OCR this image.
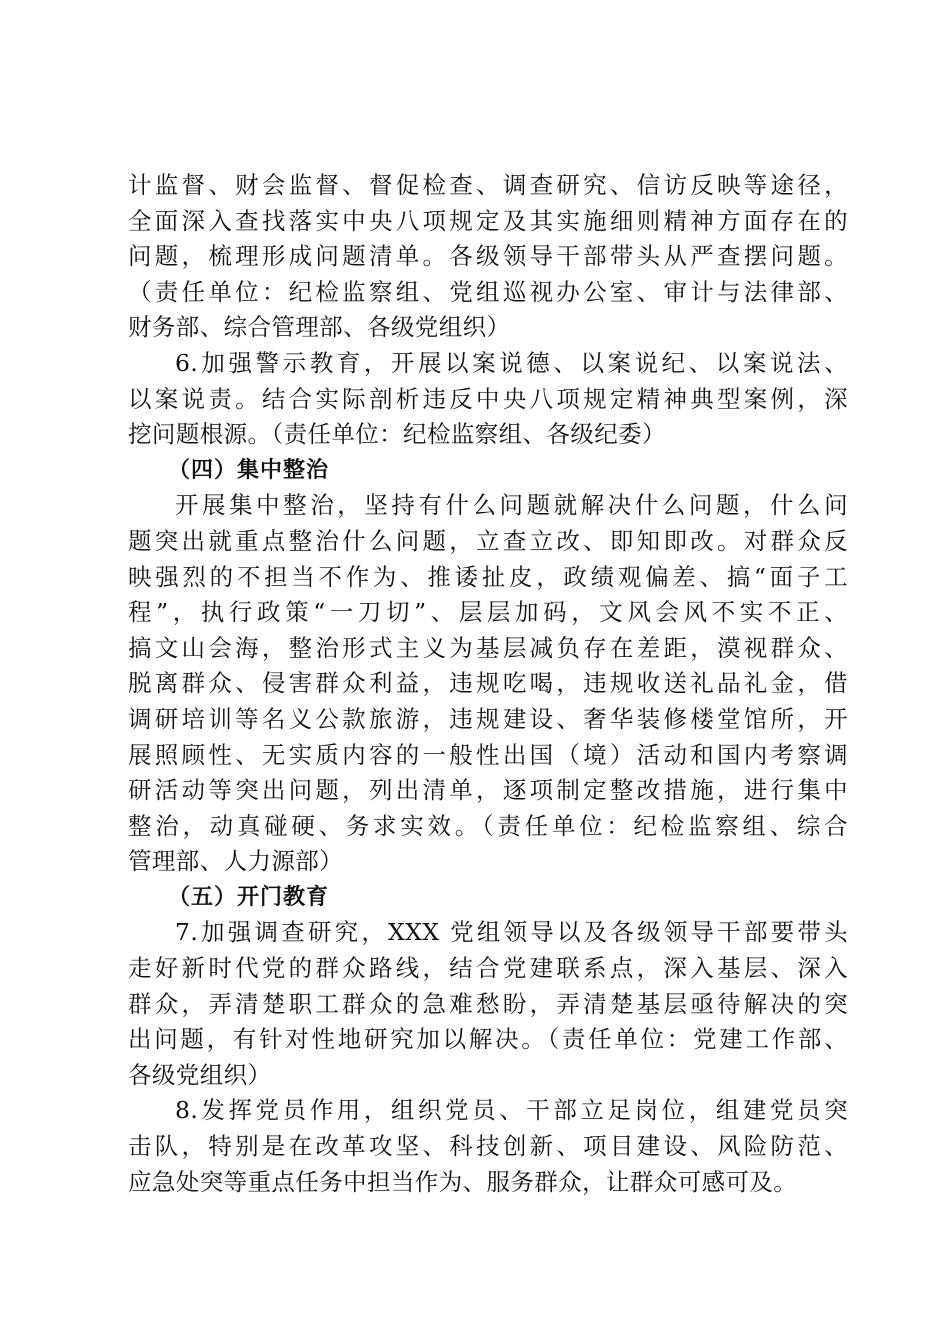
计监督、财会监督、督促检查、调查研究、信访反映等途径，
全面深入查找落实中央八项规定及其实施细则精神方面存在的
问题，梳理形成问题清单。各级领导干部带头从严查摆问题。
（责任单位：纪检监察组、党组巡视办公室、审计与法律部、
财务部、综合管理部、各级党组织）
6.加强警示教育，开展以案说德、以案说纪、以案说法、
以案说责。结合实际剖析违反中央八项规定精神典型案例，深
挖问题根源。（责任单位：纪检监察组、各级纪委）
（四）集中整治
开展集中整治，坚持有什么问题就解决什么问题，什么问
题突出就重点整治什么问题，立查立改、即知即改。对群众反
映强烈的不担当不作为、推诿扯皮，政绩观偏差、搞“面子工
程”，执行政策“一刀切”、层层加码，文风会风不实不正、
搞文山会海，整治形式主义为基层减负存在差距，漠视群众、
脱离群众、侵害群众利益，违规吃喝，违规收送礼品礼金，借
调研培训等名义公款旅游，违规建设、奢华装修楼堂馆所，开
展照顾性、无实质内容的一般性出国（境）活动和国内考察调
研活动等突出问题，列出清单，逐项制定整改措施，进行集中
整治，动真碰硬、务求实效。（责任单位：纪检监察组、综合
管理部、人力源部）
（五）开门教育
7.加强调查研究，XXX 党组领导以及各级领导干部要带头
走好新时代党的群众路线，结合党建联系点，深入基层、深入
群众，弄清楚职工群众的急难愁盼，弄清楚基层亟待解决的突
出问题，有针对性地研究加以解决。（责任单位：党建工作部、
各级党组织）
8.发挥党员作用，组织党员、干部立足岗位，组建党员突
击队，特别是在改革攻坚、科技创新、项目建设、风险防范、
应急处突等重点任务中担当作为、服务群众，让群众可感可及。
